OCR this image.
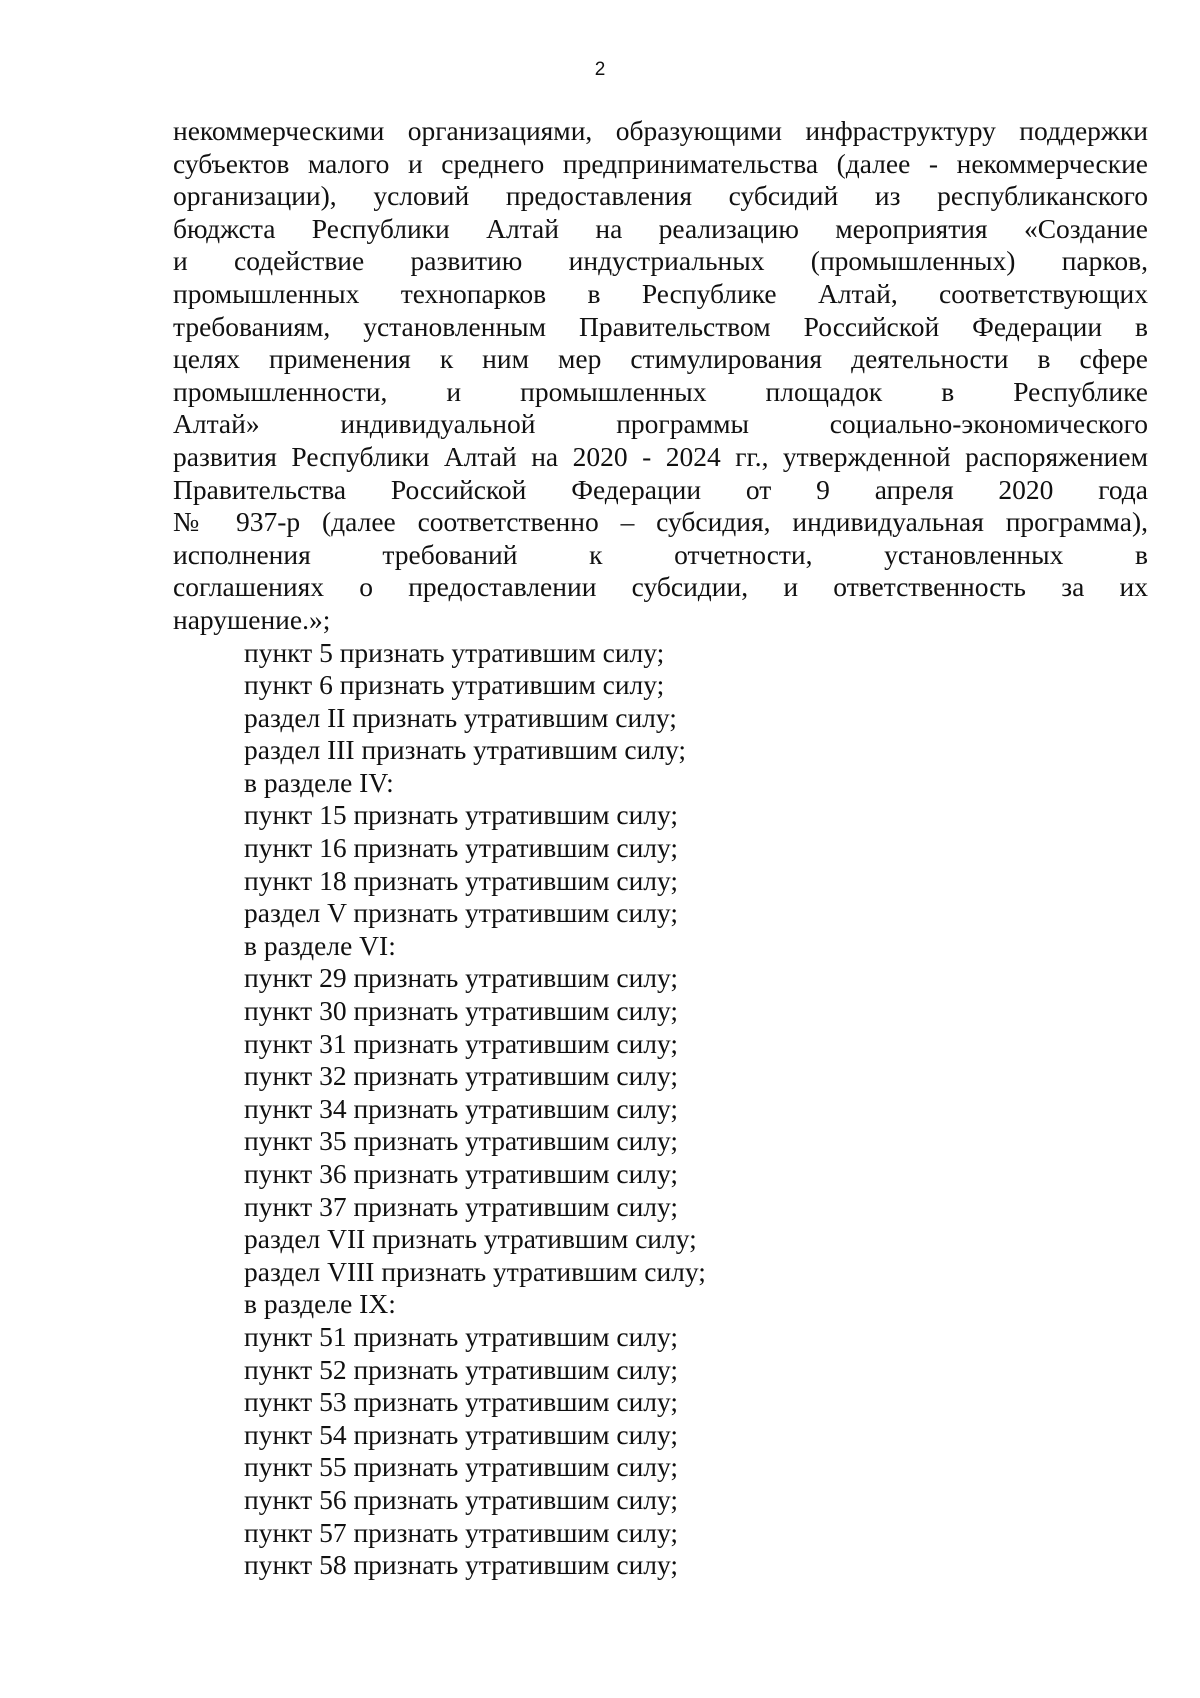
2
некоммерческими организациями, образующими инфраструктуру поддержки
субъектов малого и среднего предпринимательства (далее - некоммерческие
организации), условий предоставления субсидий из республиканского
бюджста Республики Алтай на реализацию мероприятия «Создание
и содействие развитию индустриальных (промышленных) парков,
промышленных технопарков в Республике Алтай, соответствующих
требованиям, установленным Правительством Российской Федерации в
целях применения к ним мер стимулирования деятельности в сфере
промышленности, и промышленных площадок в Республике
Алтай» индивидуальной программы социально-экономического
развития Республики Алтай на 2020 - 2024 гг., утвержденной распоряжением
Правительства Российской Федерации от 9 апреля 2020 года
№ 937-р (далее соответственно – субсидия, индивидуальная программа),
исполнения требований к отчетности, установленных в
соглашениях о предоставлении субсидии, и ответственность за их
нарушение.»;
пункт 5 признать утратившим силу;
пункт 6 признать утратившим силу;
раздел II признать утратившим силу;
раздел III признать утратившим силу;
в разделе IV:
пункт 15 признать утратившим силу;
пункт 16 признать утратившим силу;
пункт 18 признать утратившим силу;
раздел V признать утратившим силу;
в разделе VI:
пункт 29 признать утратившим силу;
пункт 30 признать утратившим силу;
пункт 31 признать утратившим силу;
пункт 32 признать утратившим силу;
пункт 34 признать утратившим силу;
пункт 35 признать утратившим силу;
пункт 36 признать утратившим силу;
пункт 37 признать утратившим силу;
раздел VII признать утратившим силу;
раздел VIII признать утратившим силу;
в разделе IX:
пункт 51 признать утратившим силу;
пункт 52 признать утратившим силу;
пункт 53 признать утратившим силу;
пункт 54 признать утратившим силу;
пункт 55 признать утратившим силу;
пункт 56 признать утратившим силу;
пункт 57 признать утратившим силу;
пункт 58 признать утратившим силу;
